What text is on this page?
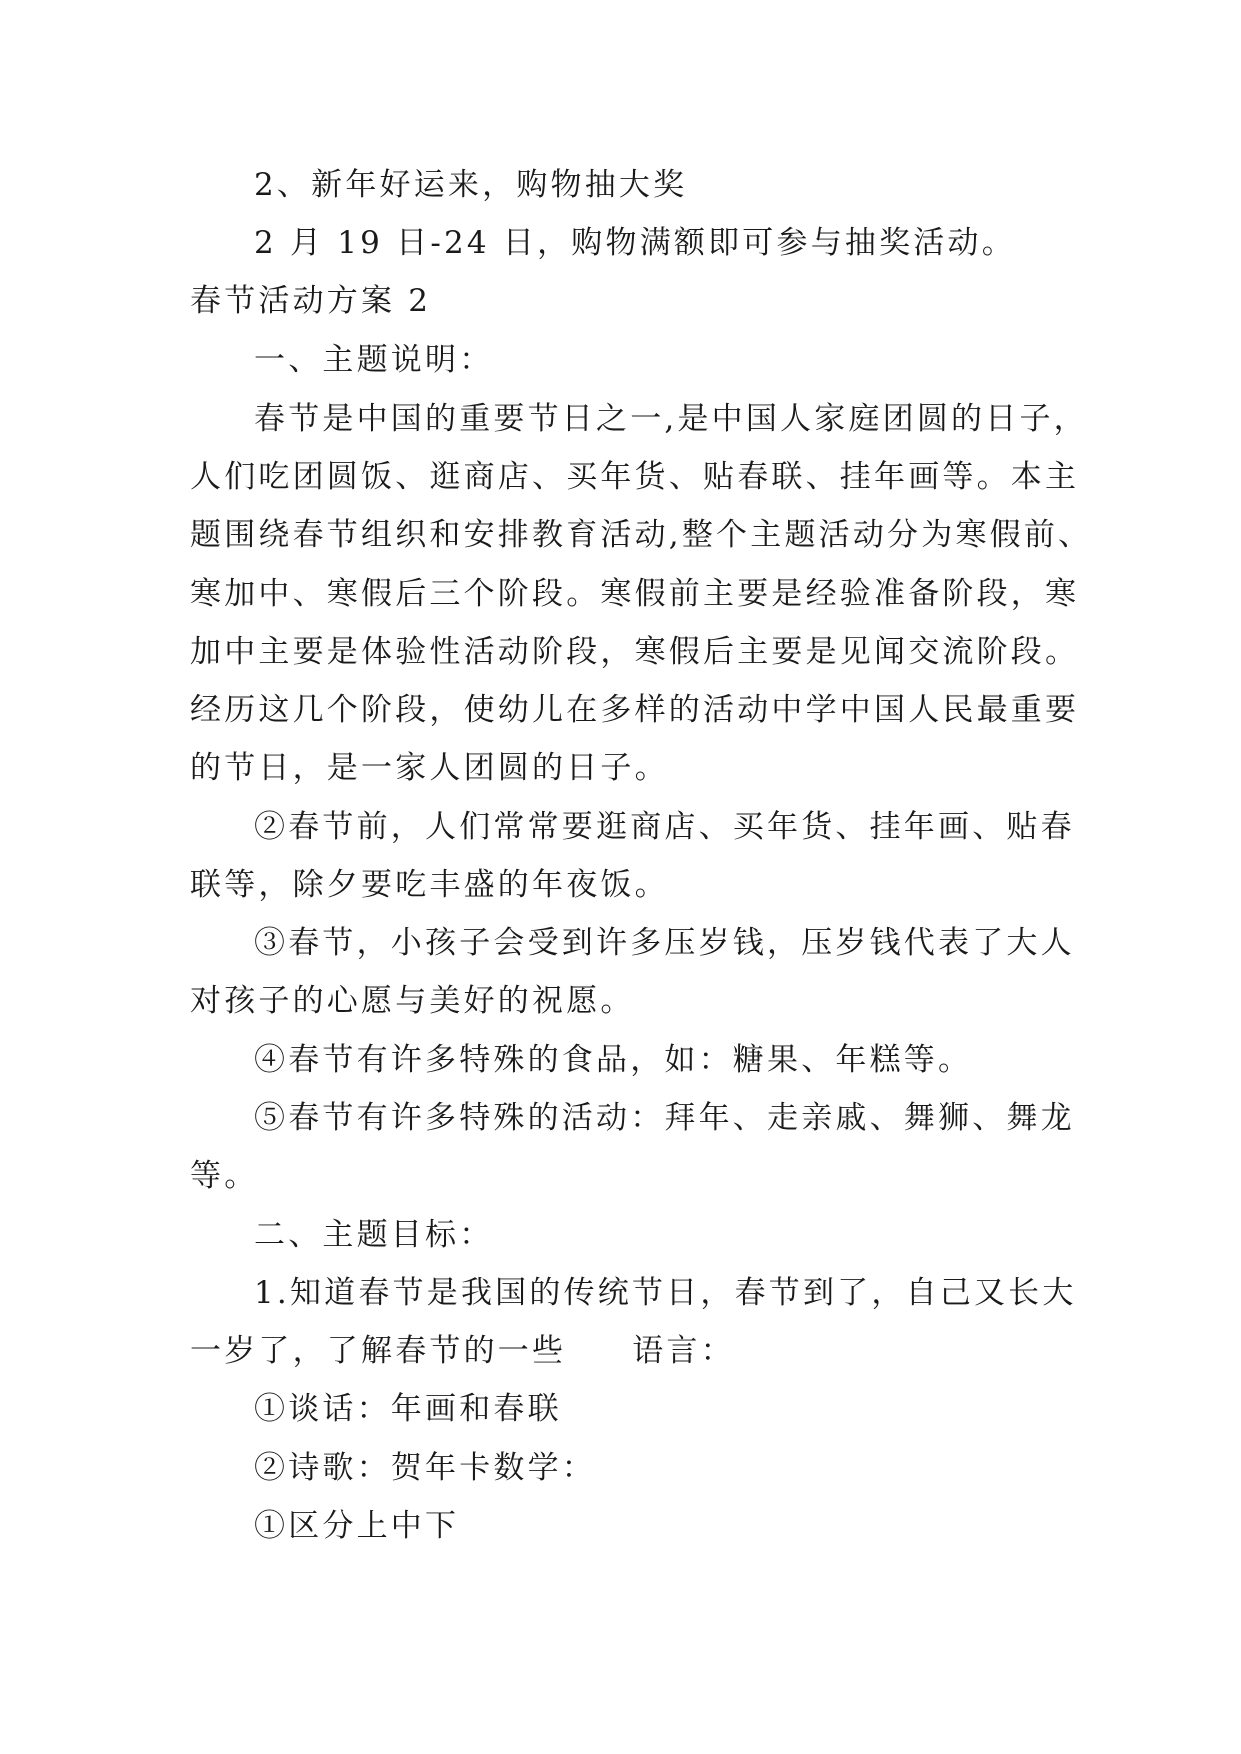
2、新年好运来，购物抽大奖
2 月 19 日-24 日，购物满额即可参与抽奖活动。
春节活动方案 2
一、主题说明：
春节是中国的重要节日之一,是中国人家庭团圆的日子，
人们吃团圆饭、逛商店、买年货、贴春联、挂年画等。本主
题围绕春节组织和安排教育活动,整个主题活动分为寒假前、
寒加中、寒假后三个阶段。寒假前主要是经验准备阶段，寒
加中主要是体验性活动阶段，寒假后主要是见闻交流阶段。
经历这几个阶段，使幼儿在多样的活动中学中国人民最重要
的节日，是一家人团圆的日子。
②春节前，人们常常要逛商店、买年货、挂年画、贴春
联等，除夕要吃丰盛的年夜饭。
③春节，小孩子会受到许多压岁钱，压岁钱代表了大人
对孩子的心愿与美好的祝愿。
④春节有许多特殊的食品，如：糖果、年糕等。
⑤春节有许多特殊的活动：拜年、走亲戚、舞狮、舞龙
等。
二、主题目标：
1.知道春节是我国的传统节日，春节到了，自己又长大
一岁了，了解春节的一些 语言：
①谈话：年画和春联
②诗歌：贺年卡数学：
①区分上中下
